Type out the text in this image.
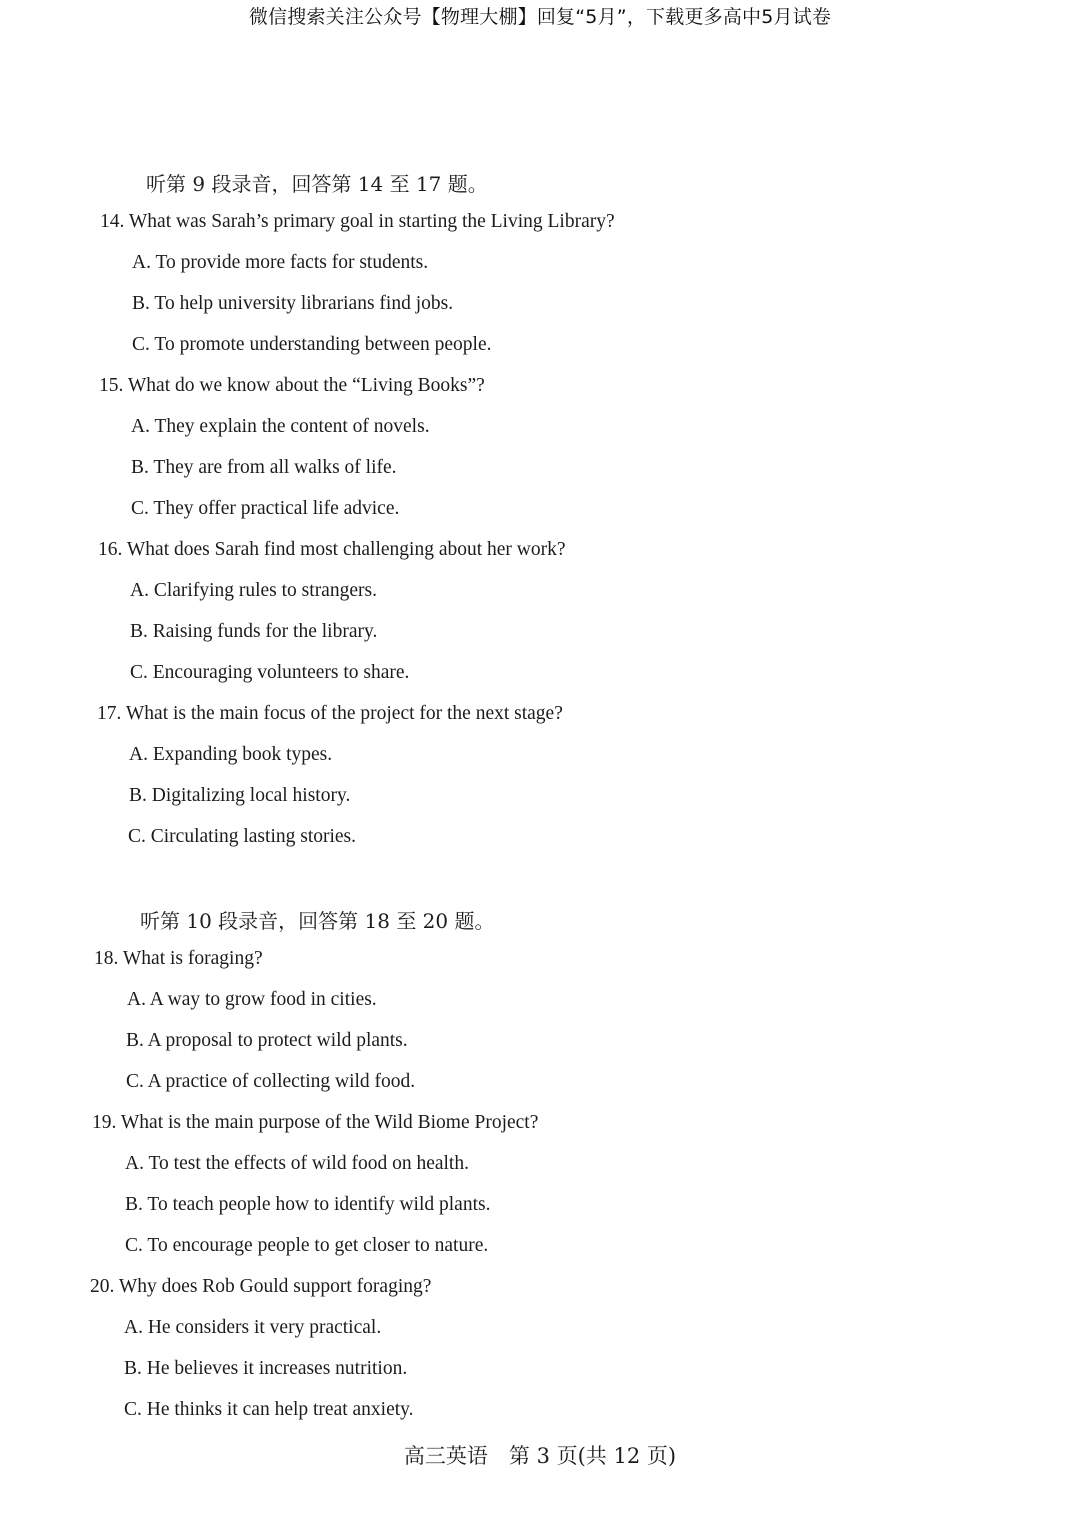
微信搜索关注公众号【物理大棚】回复“5月”，下载更多高中5月试卷
听第 9 段录音，回答第 14 至 17 题。
14. What was Sarah’s primary goal in starting the Living Library?
A. To provide more facts for students.
B. To help university librarians find jobs.
C. To promote understanding between people.
15. What do we know about the “Living Books”?
A. They explain the content of novels.
B. They are from all walks of life.
C. They offer practical life advice.
16. What does Sarah find most challenging about her work?
A. Clarifying rules to strangers.
B. Raising funds for the library.
C. Encouraging volunteers to share.
17. What is the main focus of the project for the next stage?
A. Expanding book types.
B. Digitalizing local history.
C. Circulating lasting stories.
听第 10 段录音，回答第 18 至 20 题。
18. What is foraging?
A. A way to grow food in cities.
B. A proposal to protect wild plants.
C. A practice of collecting wild food.
19. What is the main purpose of the Wild Biome Project?
A. To test the effects of wild food on health.
B. To teach people how to identify wild plants.
C. To encourage people to get closer to nature.
20. Why does Rob Gould support foraging?
A. He considers it very practical.
B. He believes it increases nutrition.
C. He thinks it can help treat anxiety.
高三英语　第 3 页(共 12 页)
